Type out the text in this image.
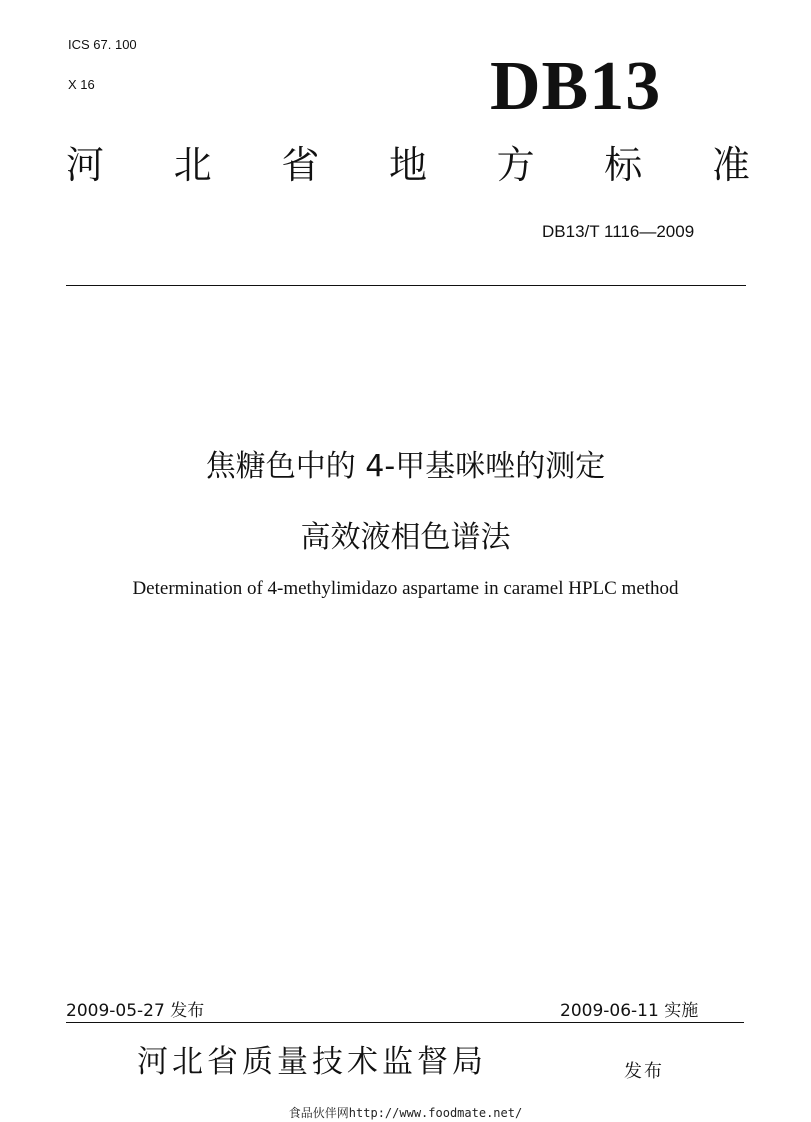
ICS 67. 100
X 16	DB13
河 北 省 地 方 标 准
DB13/T 1116—2009
焦糖色中的 4-甲基咪唑的测定
高效液相色谱法
Determination of 4-methylimidazo aspartame in caramel HPLC method
2009-05-27 发布	2009-06-11 实施
河北省质量技术监督局	发布
食品伙伴网http://www.foodmate.net/
